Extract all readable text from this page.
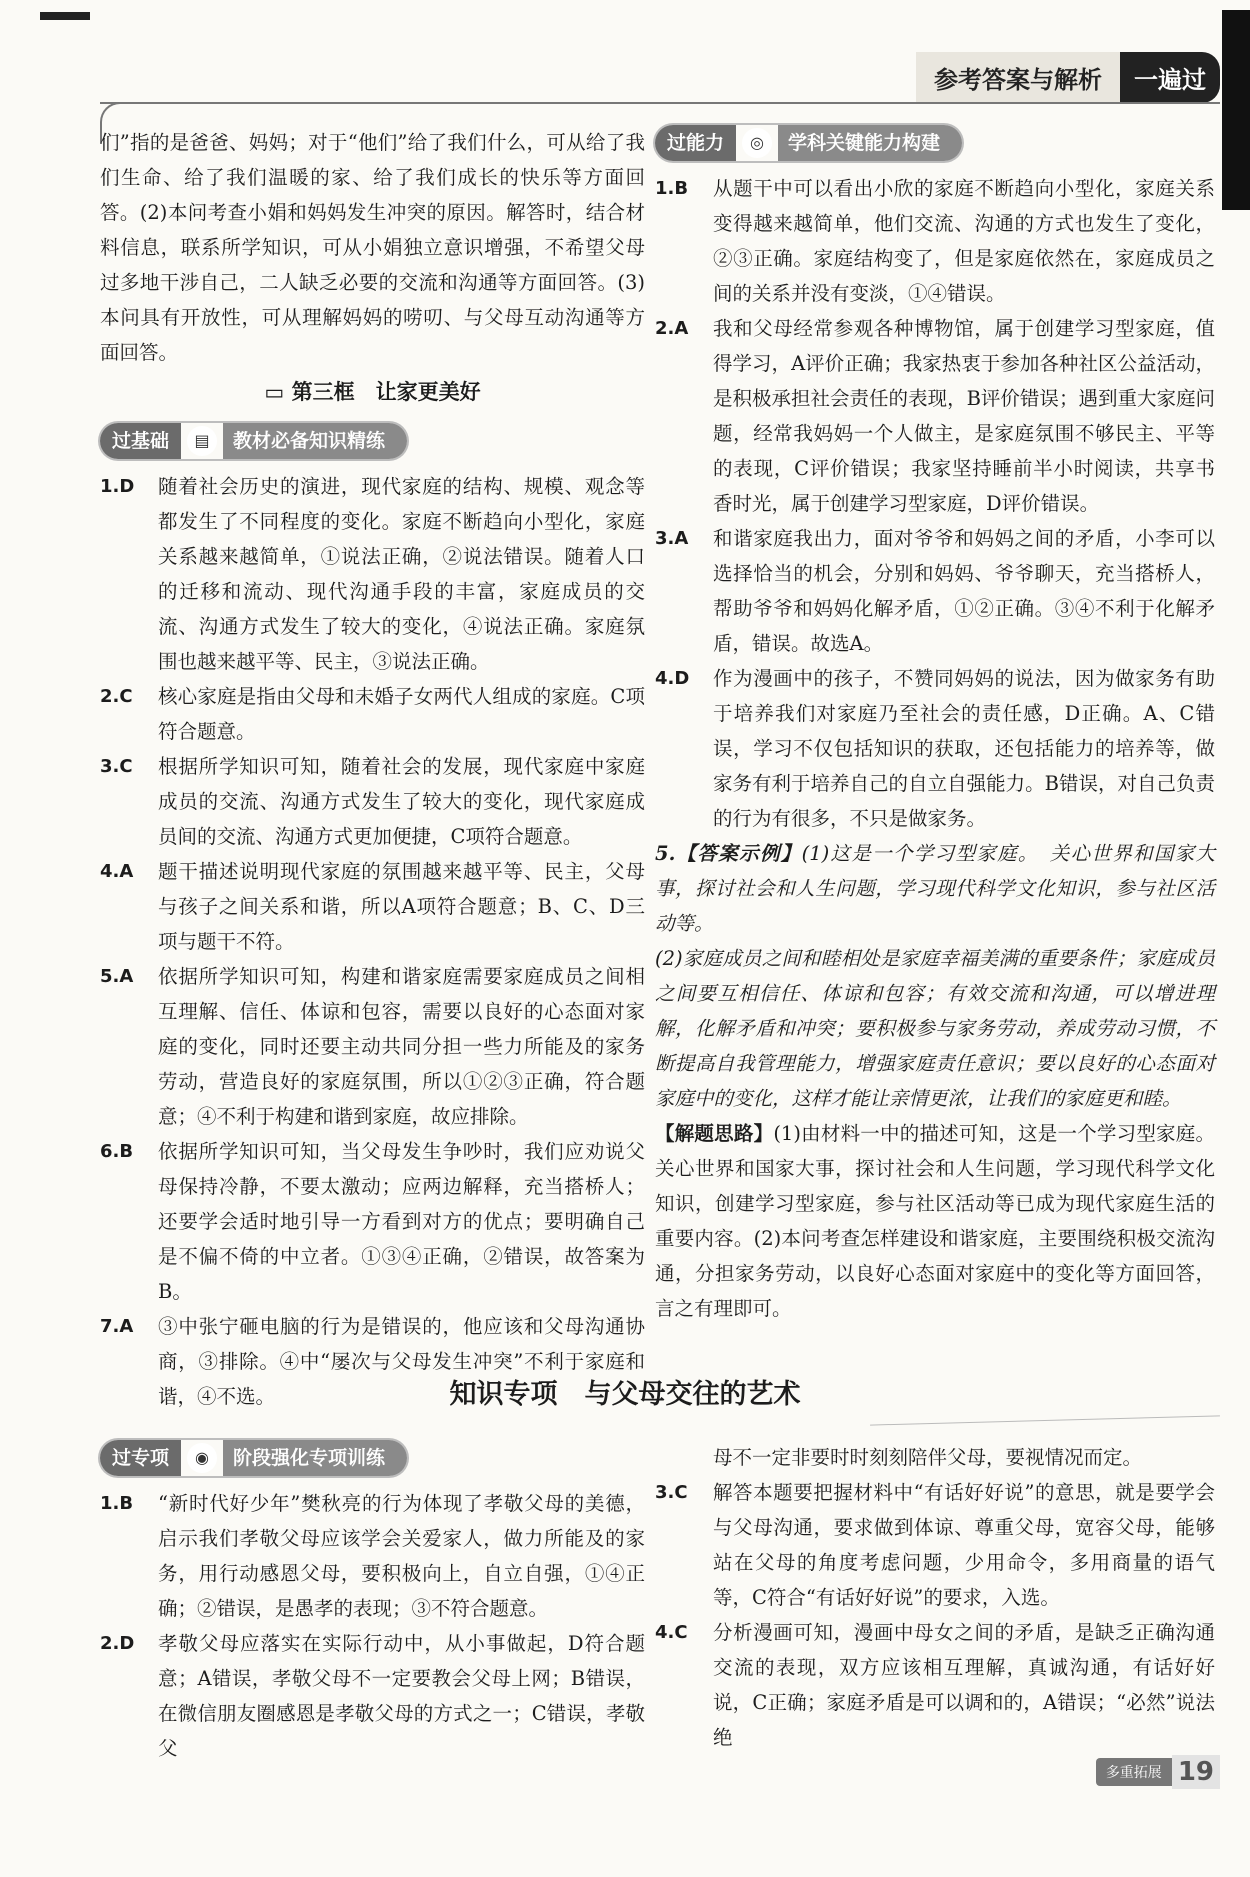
参考答案与解析	一遍过

们”指的是爸爸、妈妈；对于“他们”给了我们什么，可从给了我们生命、给了我们温暖的家、给了我们成长的快乐等方面回答。(2)本问考查小娟和妈妈发生冲突的原因。解答时，结合材料信息，联系所学知识，可从小娟独立意识增强，不希望父母过多地干涉自己，二人缺乏必要的交流和沟通等方面回答。(3)本问具有开放性，可从理解妈妈的唠叨、与父母互动沟通等方面回答。

▭ 第三框　让家更美好
过基础	▤	教材必备知识精练
1.D	随着社会历史的演进，现代家庭的结构、规模、观念等都发生了不同程度的变化。家庭不断趋向小型化，家庭关系越来越简单，①说法正确，②说法错误。随着人口的迁移和流动、现代沟通手段的丰富，家庭成员的交流、沟通方式发生了较大的变化，④说法正确。家庭氛围也越来越平等、民主，③说法正确。
2.C	核心家庭是指由父母和未婚子女两代人组成的家庭。C项符合题意。
3.C	根据所学知识可知，随着社会的发展，现代家庭中家庭成员的交流、沟通方式发生了较大的变化，现代家庭成员间的交流、沟通方式更加便捷，C项符合题意。
4.A	题干描述说明现代家庭的氛围越来越平等、民主，父母与孩子之间关系和谐，所以A项符合题意；B、C、D三项与题干不符。
5.A	依据所学知识可知，构建和谐家庭需要家庭成员之间相互理解、信任、体谅和包容，需要以良好的心态面对家庭的变化，同时还要主动共同分担一些力所能及的家务劳动，营造良好的家庭氛围，所以①②③正确，符合题意；④不利于构建和谐到家庭，故应排除。
6.B	依据所学知识可知，当父母发生争吵时，我们应劝说父母保持冷静，不要太激动；应两边解释，充当搭桥人；还要学会适时地引导一方看到对方的优点；要明确自己是不偏不倚的中立者。①③④正确，②错误，故答案为B。
7.A	③中张宁砸电脑的行为是错误的，他应该和父母沟通协商，③排除。④中“屡次与父母发生冲突”不利于家庭和谐，④不选。
过能力	◎	学科关键能力构建
1.B	从题干中可以看出小欣的家庭不断趋向小型化，家庭关系变得越来越简单，他们交流、沟通的方式也发生了变化，②③正确。家庭结构变了，但是家庭依然在，家庭成员之间的关系并没有变淡，①④错误。
2.A	我和父母经常参观各种博物馆，属于创建学习型家庭，值得学习，A评价正确；我家热衷于参加各种社区公益活动，是积极承担社会责任的表现，B评价错误；遇到重大家庭问题，经常我妈妈一个人做主，是家庭氛围不够民主、平等的表现，C评价错误；我家坚持睡前半小时阅读，共享书香时光，属于创建学习型家庭，D评价错误。
3.A	和谐家庭我出力，面对爷爷和妈妈之间的矛盾，小李可以选择恰当的机会，分别和妈妈、爷爷聊天，充当搭桥人，帮助爷爷和妈妈化解矛盾，①②正确。③④不利于化解矛盾，错误。故选A。
4.D	作为漫画中的孩子，不赞同妈妈的说法，因为做家务有助于培养我们对家庭乃至社会的责任感，D正确。A、C错误，学习不仅包括知识的获取，还包括能力的培养等，做家务有利于培养自己的自立自强能力。B错误，对自己负责的行为有很多，不只是做家务。

5.【答案示例】(1)这是一个学习型家庭。　关心世界和国家大事，探讨社会和人生问题，学习现代科学文化知识，参与社区活动等。

(2)家庭成员之间和睦相处是家庭幸福美满的重要条件；家庭成员之间要互相信任、体谅和包容；有效交流和沟通，可以增进理解，化解矛盾和冲突；要积极参与家务劳动，养成劳动习惯，不断提高自我管理能力，增强家庭责任意识；要以良好的心态面对家庭中的变化，这样才能让亲情更浓，让我们的家庭更和睦。

【解题思路】(1)由材料一中的描述可知，这是一个学习型家庭。关心世界和国家大事，探讨社会和人生问题，学习现代科学文化知识，创建学习型家庭，参与社区活动等已成为现代家庭生活的重要内容。(2)本问考查怎样建设和谐家庭，主要围绕积极交流沟通，分担家务劳动，以良好心态面对家庭中的变化等方面回答，言之有理即可。

知识专项　与父母交往的艺术
过专项	◉	阶段强化专项训练
1.B	“新时代好少年”樊秋亮的行为体现了孝敬父母的美德，启示我们孝敬父母应该学会关爱家人，做力所能及的家务，用行动感恩父母，要积极向上，自立自强，①④正确；②错误，是愚孝的表现；③不符合题意。
2.D	孝敬父母应落实在实际行动中，从小事做起，D符合题意；A错误，孝敬父母不一定要教会父母上网；B错误，在微信朋友圈感恩是孝敬父母的方式之一；C错误，孝敬父

母不一定非要时时刻刻陪伴父母，要视情况而定。

3.C	解答本题要把握材料中“有话好好说”的意思，就是要学会与父母沟通，要求做到体谅、尊重父母，宽容父母，能够站在父母的角度考虑问题，少用命令，多用商量的语气等，C符合“有话好好说”的要求，入选。
4.C	分析漫画可知，漫画中母女之间的矛盾，是缺乏正确沟通交流的表现，双方应该相互理解，真诚沟通，有话好好说，C正确；家庭矛盾是可以调和的，A错误；“必然”说法绝
多重拓展 19
